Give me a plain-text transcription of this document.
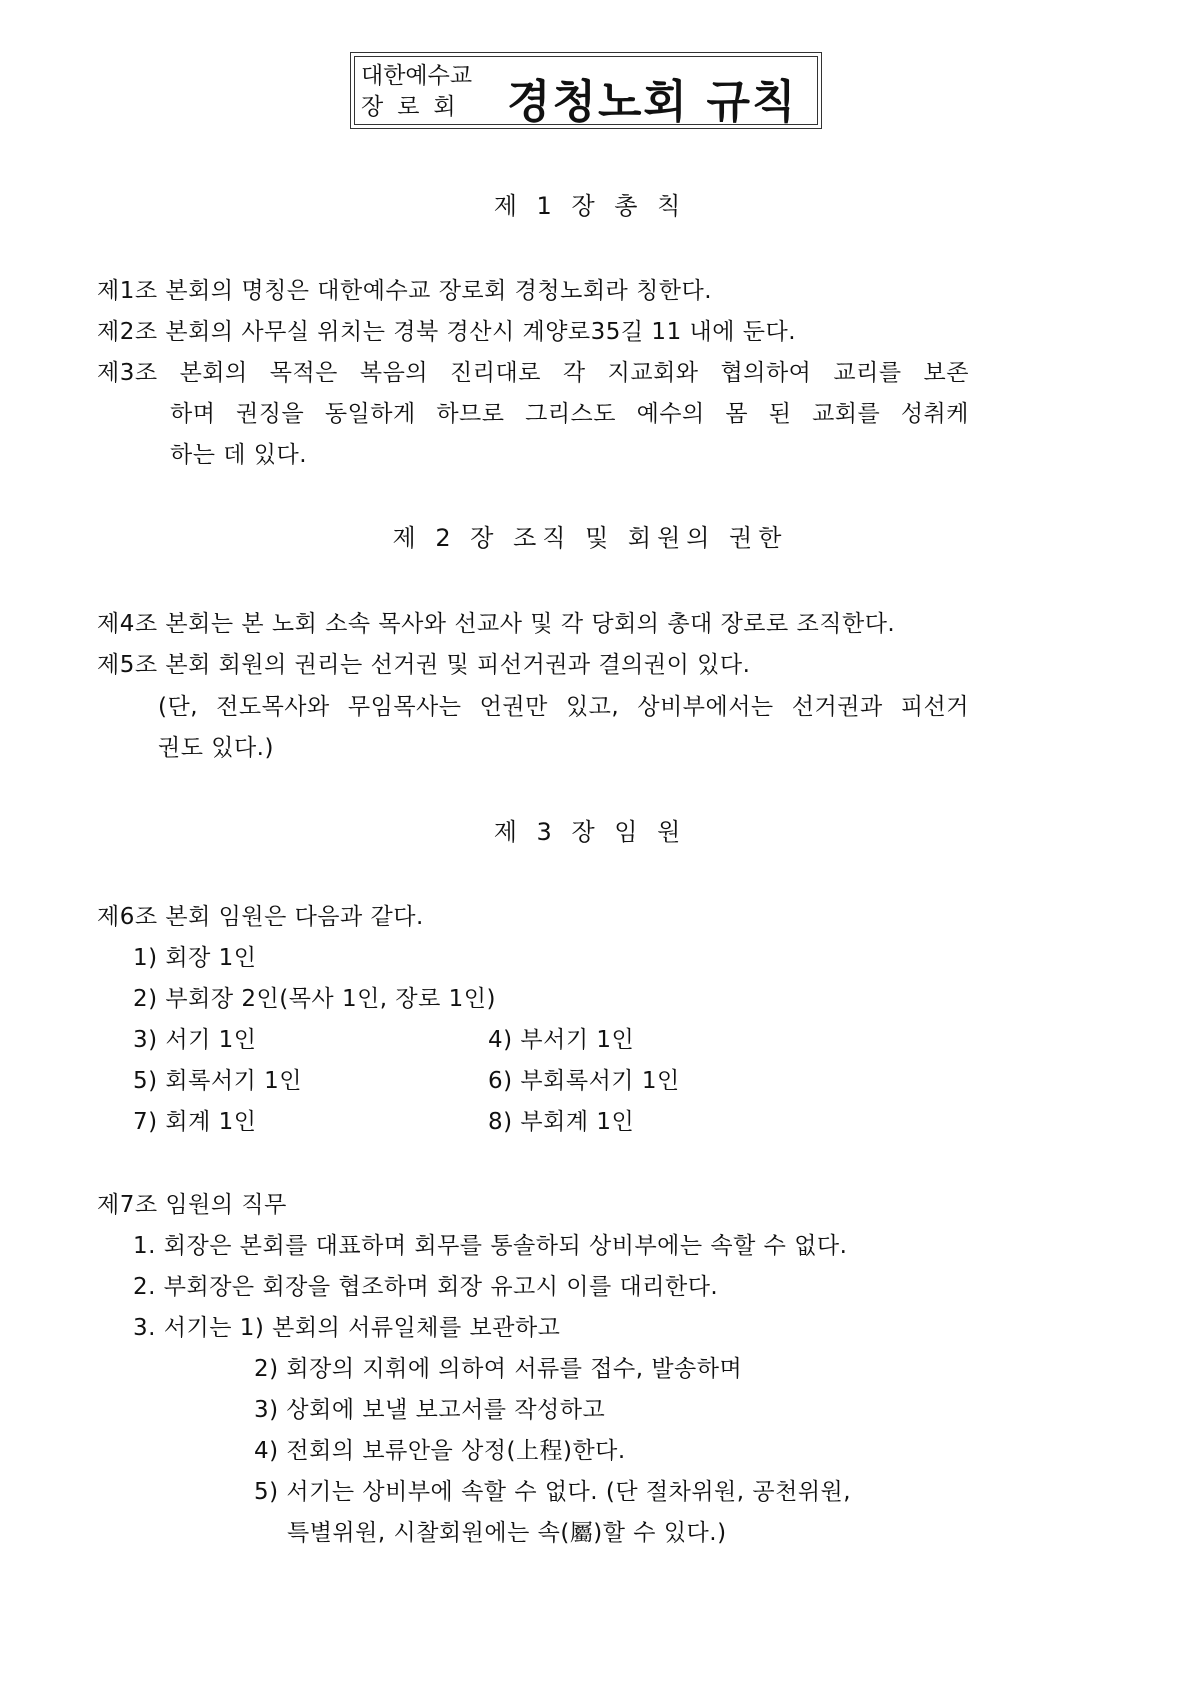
대한예수교
장로회 경청노회 규칙
제 1 장 총 칙
제1조 본회의 명칭은 대한예수교 장로회 경청노회라 칭한다.
제2조 본회의 사무실 위치는 경북 경산시 계양로35길 11 내에 둔다.
제3조 본회의 목적은 복음의 진리대로 각 지교회와 협의하여 교리를 보존
하며 권징을 동일하게 하므로 그리스도 예수의 몸 된 교회를 성취케
하는 데 있다.
제 2 장 조직 및 회원의 권한
제4조 본회는 본 노회 소속 목사와 선교사 및 각 당회의 총대 장로로 조직한다.
제5조 본회 회원의 권리는 선거권 및 피선거권과 결의권이 있다.
(단, 전도목사와 무임목사는 언권만 있고, 상비부에서는 선거권과 피선거
권도 있다.)
제 3 장 임 원
제6조 본회 임원은 다음과 같다.
1) 회장 1인
2) 부회장 2인(목사 1인, 장로 1인)
3) 서기 1인	4) 부서기 1인
5) 회록서기 1인	6) 부회록서기 1인
7) 회계 1인	8) 부회계 1인
제7조 임원의 직무
1. 회장은 본회를 대표하며 회무를 통솔하되 상비부에는 속할 수 없다.
2. 부회장은 회장을 협조하며 회장 유고시 이를 대리한다.
3. 서기는 1) 본회의 서류일체를 보관하고
2) 회장의 지휘에 의하여 서류를 접수, 발송하며
3) 상회에 보낼 보고서를 작성하고
4) 전회의 보류안을 상정(上程)한다.
5) 서기는 상비부에 속할 수 없다. (단 절차위원, 공천위원,
특별위원, 시찰회원에는 속(屬)할 수 있다.)
